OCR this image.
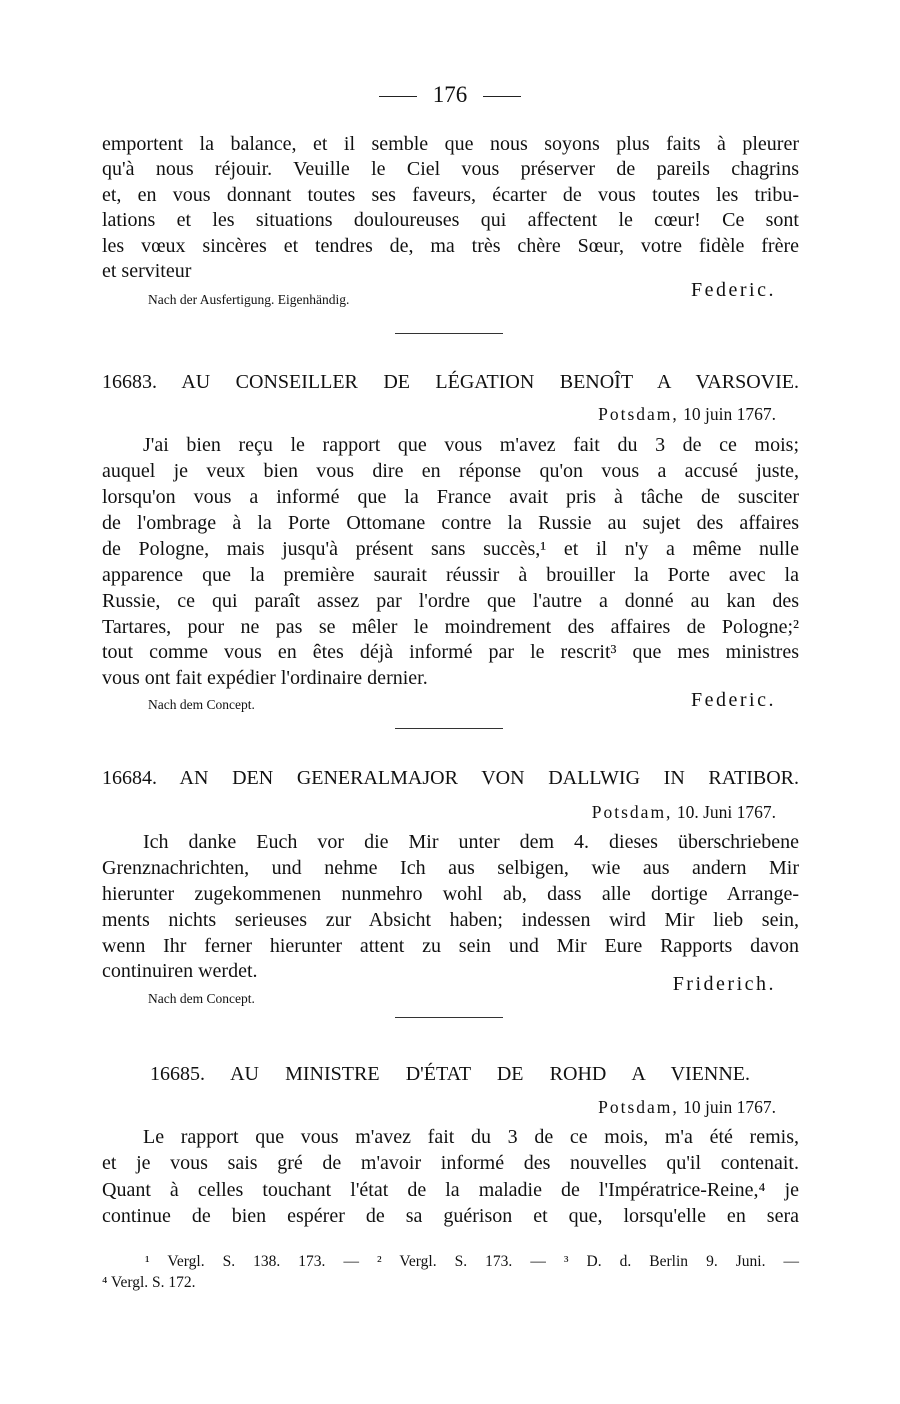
176
emportent la balance, et il semble que nous soyons plus faits à pleurer
qu'à nous réjouir. Veuille le Ciel vous préserver de pareils chagrins
et, en vous donnant toutes ses faveurs, écarter de vous toutes les tribu-
lations et les situations douloureuses qui affectent le cœur! Ce sont
les vœux sincères et tendres de, ma très chère Sœur, votre fidèle frère
et serviteur
Federic.
Nach der Ausfertigung. Eigenhändig.
16683. AU CONSEILLER DE LÉGATION BENOÎT A VARSOVIE.
Potsdam, 10 juin 1767.
J'ai bien reçu le rapport que vous m'avez fait du 3 de ce mois;
auquel je veux bien vous dire en réponse qu'on vous a accusé juste,
lorsqu'on vous a informé que la France avait pris à tâche de susciter
de l'ombrage à la Porte Ottomane contre la Russie au sujet des affaires
de Pologne, mais jusqu'à présent sans succès,¹ et il n'y a même nulle
apparence que la première saurait réussir à brouiller la Porte avec la
Russie, ce qui paraît assez par l'ordre que l'autre a donné au kan des
Tartares, pour ne pas se mêler le moindrement des affaires de Pologne;²
tout comme vous en êtes déjà informé par le rescrit³ que mes ministres
vous ont fait expédier l'ordinaire dernier.
Nach dem Concept.	Federic.
16684. AN DEN GENERALMAJOR VON DALLWIG IN RATIBOR.
Potsdam, 10. Juni 1767.
Ich danke Euch vor die Mir unter dem 4. dieses überschriebene
Grenznachrichten, und nehme Ich aus selbigen, wie aus andern Mir
hierunter zugekommenen nunmehro wohl ab, dass alle dortige Arrange-
ments nichts serieuses zur Absicht haben; indessen wird Mir lieb sein,
wenn Ihr ferner hierunter attent zu sein und Mir Eure Rapports davon
continuiren werdet.
Friderich.
Nach dem Concept.
16685. AU MINISTRE D'ÉTAT DE ROHD A VIENNE.
Potsdam, 10 juin 1767.
Le rapport que vous m'avez fait du 3 de ce mois, m'a été remis,
et je vous sais gré de m'avoir informé des nouvelles qu'il contenait.
Quant à celles touchant l'état de la maladie de l'Impératrice-Reine,⁴ je
continue de bien espérer de sa guérison et que, lorsqu'elle en sera
¹ Vergl. S. 138. 173. — ² Vergl. S. 173. — ³ D. d. Berlin 9. Juni. —
⁴ Vergl. S. 172.
